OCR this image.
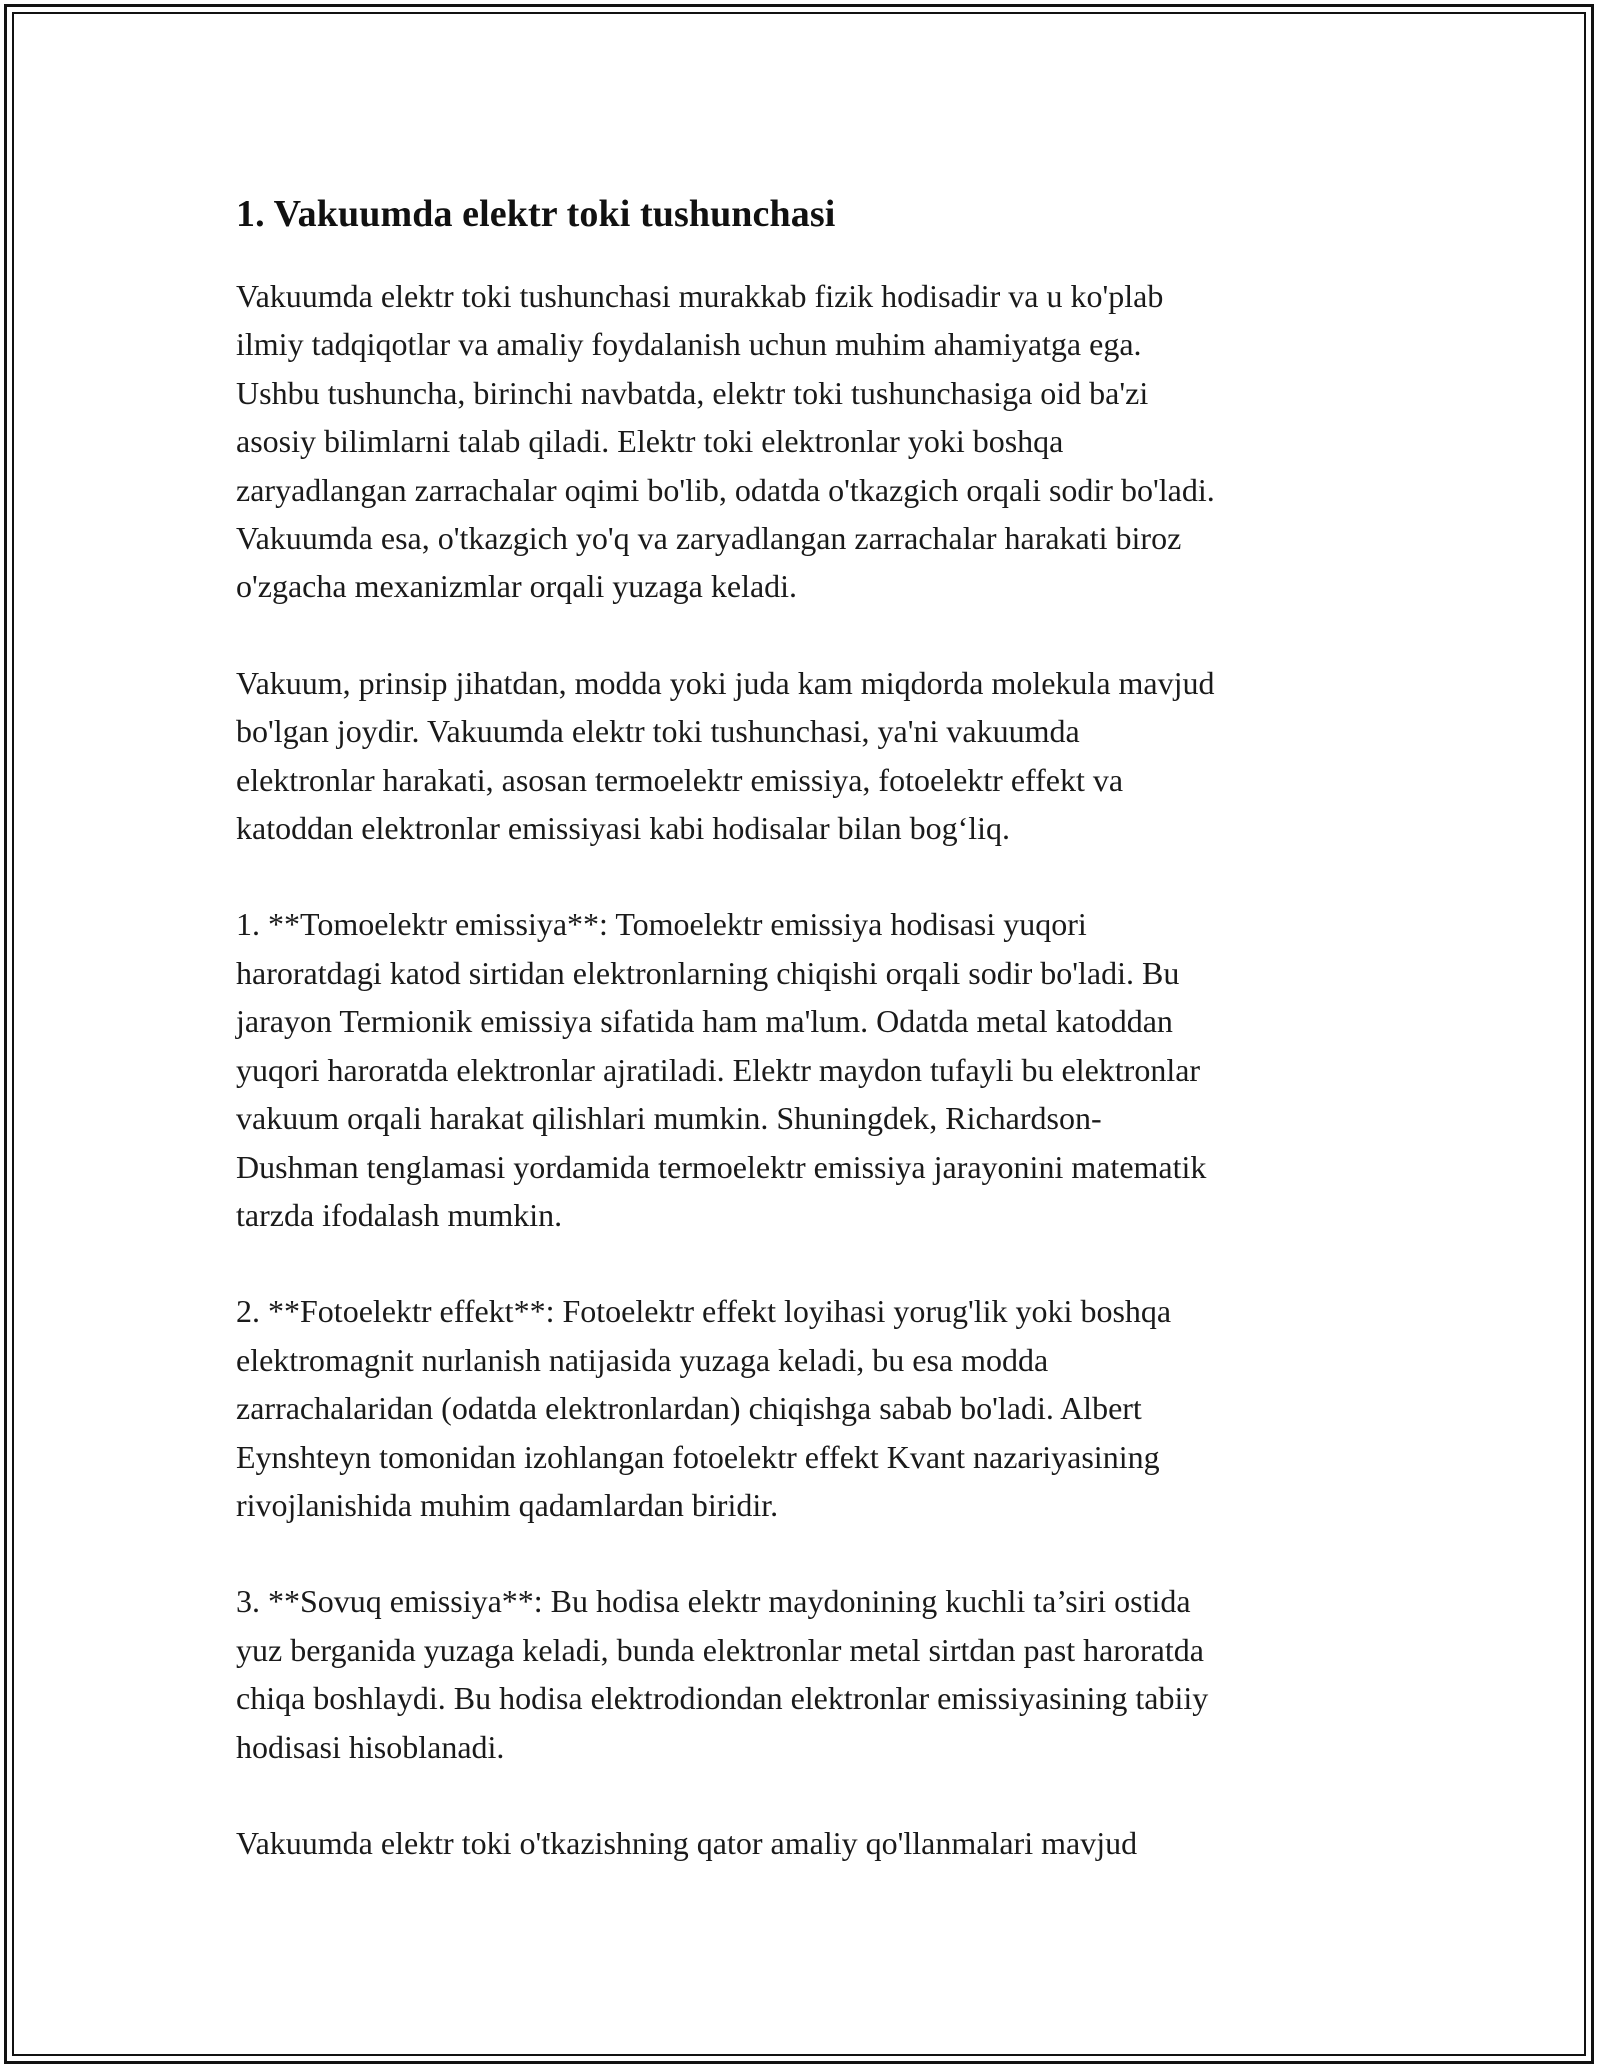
1. Vakuumda elektr toki tushunchasi

Vakuumda elektr toki tushunchasi murakkab fizik hodisadir va u ko'plab
ilmiy tadqiqotlar va amaliy foydalanish uchun muhim ahamiyatga ega.
Ushbu tushuncha, birinchi navbatda, elektr toki tushunchasiga oid ba'zi
asosiy bilimlarni talab qiladi. Elektr toki elektronlar yoki boshqa
zaryadlangan zarrachalar oqimi bo'lib, odatda o'tkazgich orqali sodir bo'ladi.
Vakuumda esa, o'tkazgich yo'q va zaryadlangan zarrachalar harakati biroz
o'zgacha mexanizmlar orqali yuzaga keladi.

Vakuum, prinsip jihatdan, modda yoki juda kam miqdorda molekula mavjud
bo'lgan joydir. Vakuumda elektr toki tushunchasi, ya'ni vakuumda
elektronlar harakati, asosan termoelektr emissiya, fotoelektr effekt va
katoddan elektronlar emissiyasi kabi hodisalar bilan bog‘liq.

1. **Tomoelektr emissiya**: Tomoelektr emissiya hodisasi yuqori
haroratdagi katod sirtidan elektronlarning chiqishi orqali sodir bo'ladi. Bu
jarayon Termionik emissiya sifatida ham ma'lum. Odatda metal katoddan
yuqori haroratda elektronlar ajratiladi. Elektr maydon tufayli bu elektronlar
vakuum orqali harakat qilishlari mumkin. Shuningdek, Richardson-
Dushman tenglamasi yordamida termoelektr emissiya jarayonini matematik
tarzda ifodalash mumkin.

2. **Fotoelektr effekt**: Fotoelektr effekt loyihasi yorug'lik yoki boshqa
elektromagnit nurlanish natijasida yuzaga keladi, bu esa modda
zarrachalaridan (odatda elektronlardan) chiqishga sabab bo'ladi. Albert
Eynshteyn tomonidan izohlangan fotoelektr effekt Kvant nazariyasining
rivojlanishida muhim qadamlardan biridir.

3. **Sovuq emissiya**: Bu hodisa elektr maydonining kuchli ta’siri ostida
yuz berganida yuzaga keladi, bunda elektronlar metal sirtdan past haroratda
chiqa boshlaydi. Bu hodisa elektrodiondan elektronlar emissiyasining tabiiy
hodisasi hisoblanadi.

Vakuumda elektr toki o'tkazishning qator amaliy qo'llanmalari mavjud
